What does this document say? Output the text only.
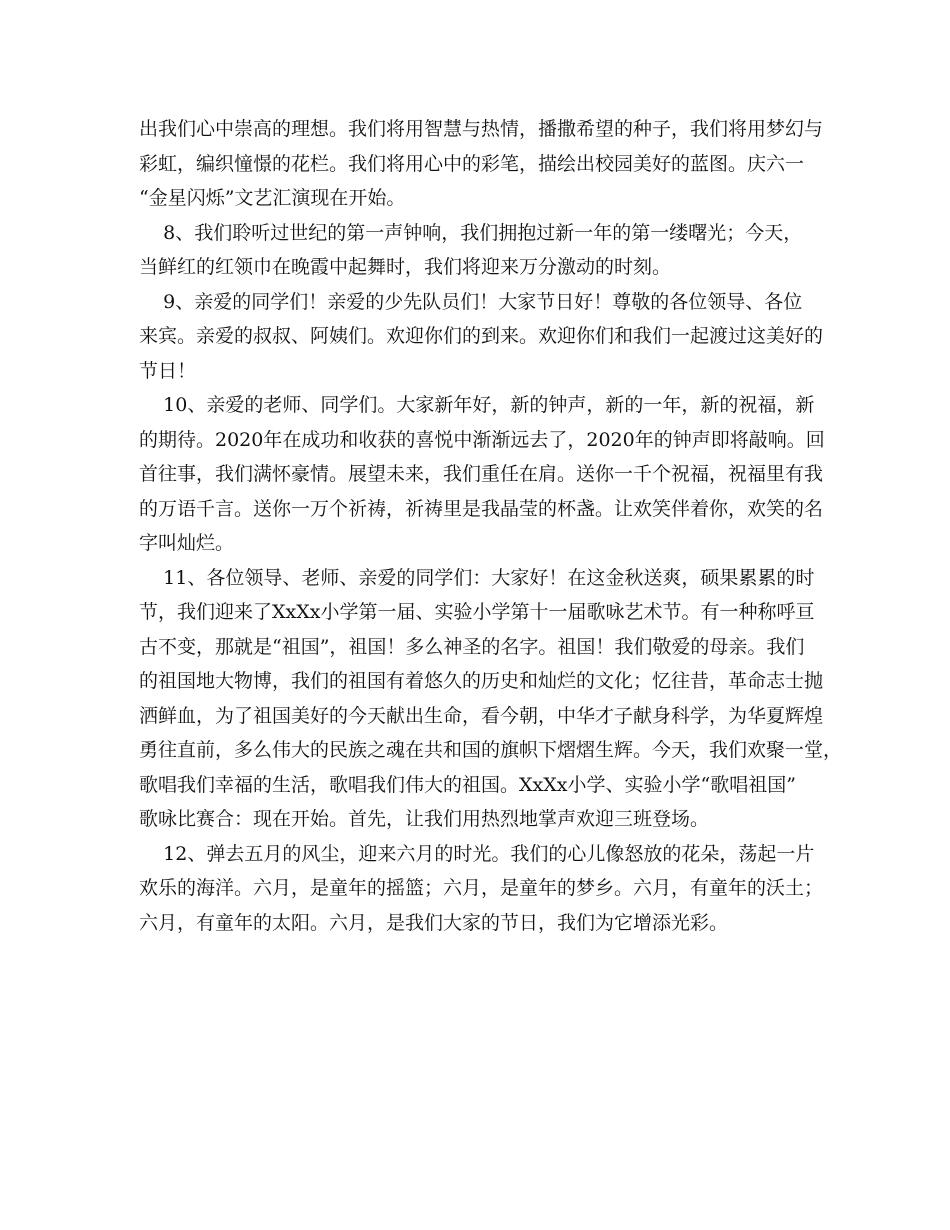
出我们心中崇高的理想。我们将用智慧与热情，播撒希望的种子，我们将用梦幻与

彩虹，编织憧憬的花栏。我们将用心中的彩笔，描绘出校园美好的蓝图。庆六一

“金星闪烁”文艺汇演现在开始。

8、我们聆听过世纪的第一声钟响，我们拥抱过新一年的第一缕曙光；今天，

当鲜红的红领巾在晚霞中起舞时，我们将迎来万分激动的时刻。

9、亲爱的同学们！亲爱的少先队员们！大家节日好！尊敬的各位领导、各位

来宾。亲爱的叔叔、阿姨们。欢迎你们的到来。欢迎你们和我们一起渡过这美好的

节日！

10、亲爱的老师、同学们。大家新年好，新的钟声，新的一年，新的祝福，新

的期待。2020年在成功和收获的喜悦中渐渐远去了，2020年的钟声即将敲响。回

首往事，我们满怀豪情。展望未来，我们重任在肩。送你一千个祝福，祝福里有我

的万语千言。送你一万个祈祷，祈祷里是我晶莹的杯盏。让欢笑伴着你，欢笑的名

字叫灿烂。

11、各位领导、老师、亲爱的同学们：大家好！在这金秋送爽，硕果累累的时

节，我们迎来了XxXx小学第一届、实验小学第十一届歌咏艺术节。有一种称呼亘

古不变，那就是“祖国”，祖国！多么神圣的名字。祖国！我们敬爱的母亲。我们

的祖国地大物博，我们的祖国有着悠久的历史和灿烂的文化；忆往昔，革命志士抛

洒鲜血，为了祖国美好的今天献出生命，看今朝，中华才子献身科学，为华夏辉煌

勇往直前，多么伟大的民族之魂在共和国的旗帜下熠熠生辉。今天，我们欢聚一堂，

歌唱我们幸福的生活，歌唱我们伟大的祖国。XxXx小学、实验小学“歌唱祖国”

歌咏比赛合：现在开始。首先，让我们用热烈地掌声欢迎三班登场。

12、弹去五月的风尘，迎来六月的时光。我们的心儿像怒放的花朵，荡起一片

欢乐的海洋。六月，是童年的摇篮；六月，是童年的梦乡。六月，有童年的沃土；

六月，有童年的太阳。六月，是我们大家的节日，我们为它增添光彩。
